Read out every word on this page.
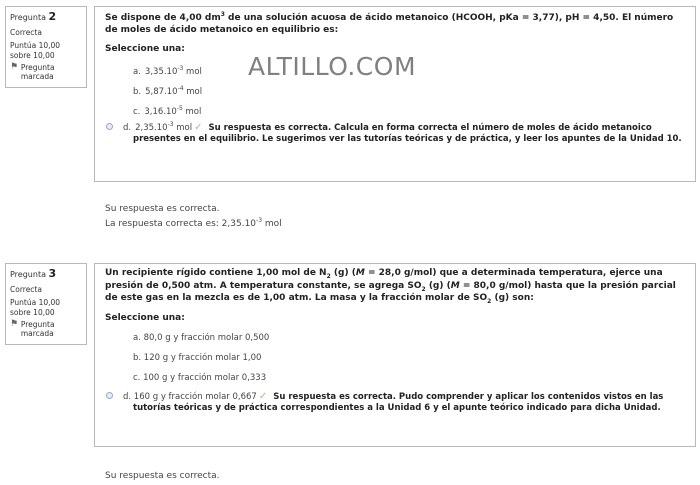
Pregunta 2
Correcta
Puntúa 10,00 sobre 10,00
⚑ Pregunta marcada
Se dispone de 4,00 $dm^3$ de una solución acuosa de ácido metanoico (HCOOH, pKa = 3,77), pH = 4,50. El número de moles de ácido metanoico en equilibrio es:
Seleccione una:
a. $3,35.10^{-3}$ mol
b. $5,87.10^{-4}$ mol
c. $3,16.10^{-5}$ mol
d. $2,35.10^{-3}$ mol ✓ Su respuesta es correcta. Calcula en forma correcta el número de moles de ácido metanoico presentes en el equilibrio. Le sugerimos ver las tutorías teóricas y de práctica, y leer los apuntes de la Unidad 10.
ALTILLO.COM
Su respuesta es correcta.
La respuesta correcta es: $2,35.10^{-3}$ mol
Pregunta 3
Correcta
Puntúa 10,00 sobre 10,00
⚑ Pregunta marcada
Un recipiente rígido contiene 1,00 mol de $N_2$ (g) (M = 28,0 g/mol) que a determinada temperatura, ejerce una presión de 0,500 atm. A temperatura constante, se agrega $SO_2$ (g) (M = 80,0 g/mol) hasta que la presión parcial de este gas en la mezcla es de 1,00 atm. La masa y la fracción molar de $SO_2$ (g) son:
Seleccione una:
a. 80,0 g y fracción molar 0,500
b. 120 g y fracción molar 1,00
c. 100 g y fracción molar 0,333
d. 160 g y fracción molar 0,667 ✓ Su respuesta es correcta. Pudo comprender y aplicar los contenidos vistos en las tutorías teóricas y de práctica correspondientes a la Unidad 6 y el apunte teórico indicado para dicha Unidad.
Su respuesta es correcta.
